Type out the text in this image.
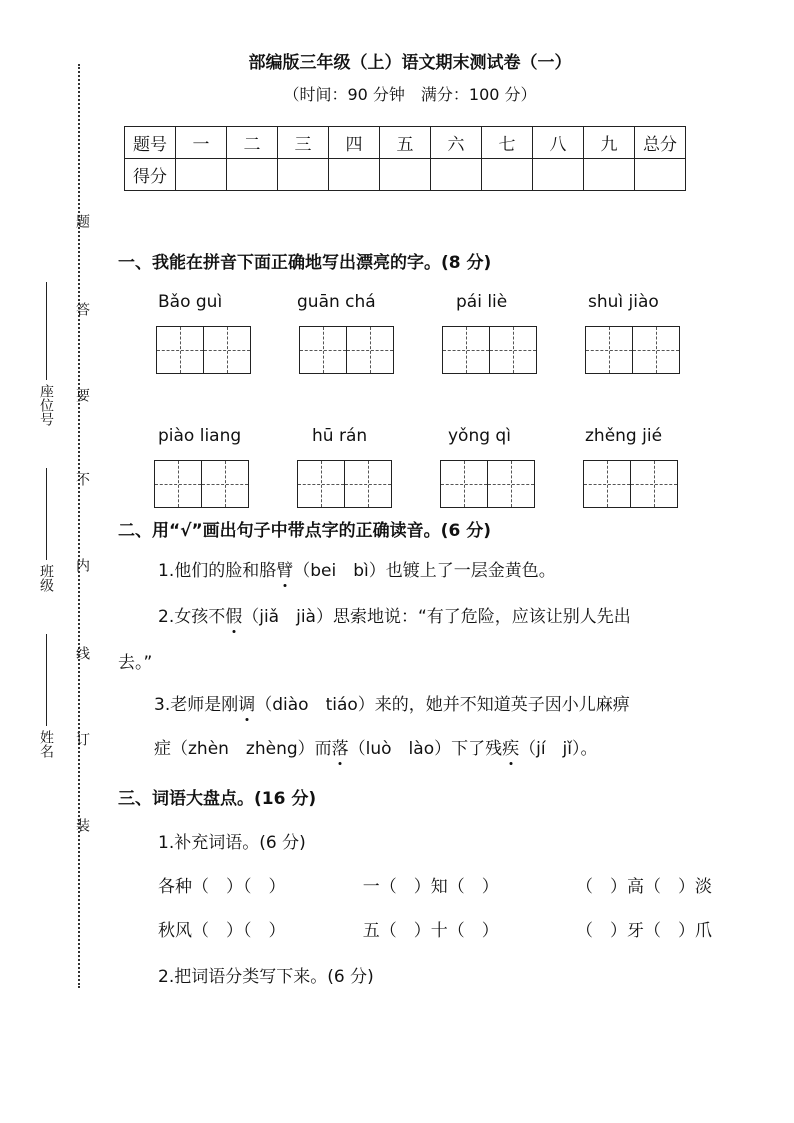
题
答
要
不
内
线
订
装
座位号
班级
姓名
部编版三年级（上）语文期末测试卷（一）
（时间：90 分钟　满分：100 分）
题号	一	二	三	四	五	六	七	八	九	总分
得分										
一、我能在拼音下面正确地写出漂亮的字。(8 分)
Bǎo guì	guān chá	pái liè	shuì jiào
piào liang	hū rán	yǒng qì	zhěng jié
二、用“√”画出句子中带点字的正确读音。(6 分)
1.他们的脸和胳臂（bei　bì）也镀上了一层金黄色。
2.女孩不假（jiǎ　jià）思索地说：“有了危险，应该让别人先出
去。”
3.老师是刚调（diào　tiáo）来的，她并不知道英子因小儿麻痹
症（zhèn　zhèng）而落（luò　lào）下了残疾（jí　jǐ）。
三、词语大盘点。(16 分)
1.补充词语。(6 分)
各种（　）（　）	一（　）知（　）	（　）高（　）淡
秋风（　）（　）	五（　）十（　）	（　）牙（　）爪
2.把词语分类写下来。(6 分)
